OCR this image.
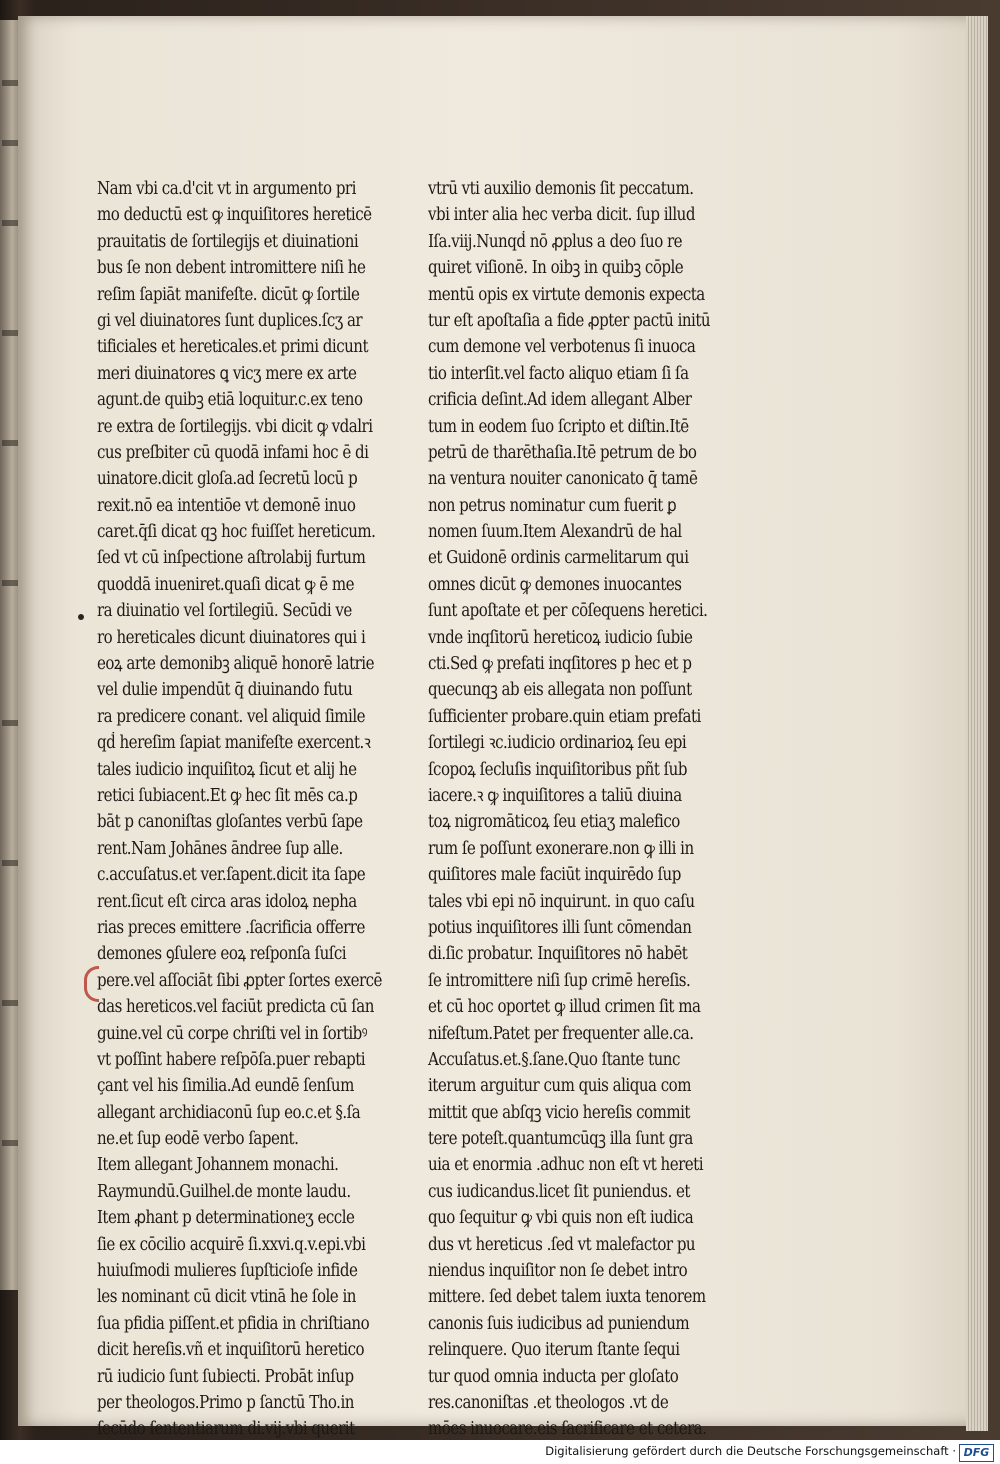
Nam vbi ca.d'cit vt in argumento pri
mo deductū est ꝙ inquiſitores hereticē
prauitatis de ſortilegijs et diuinationi
bus ſe non debent intromittere niſi he
reſim ſapiāt manifeſte. dicūt ꝙ ſortile
gi vel diuinatores ſunt duplices.ſcʒ ar
tificiales et hereticales.et primi dicunt
meri diuinatores ꝗ vicʒ mere ex arte
agunt.de quibꝫ etiā loquitur.c.ex teno
re extra de ſortilegijs. vbi dicit ꝙ vdalri
cus preſbiter cū quodā infami hoc ē di
uinatore.dicit gloſa.ad ſecretū locū p
rexit.nō ea intentiōe vt demonē inuo
caret.q̄ſi dicat qꝫ hoc fuiſſet hereticum.
ſed vt cū inſpectione aſtrolabij furtum
quoddā inueniret.quaſi dicat ꝙ ē me
ra diuinatio vel ſortilegiū. Secūdi ve
ro hereticales dicunt diuinatores qui i
eoꝝ arte demonibꝫ aliquē honorē latrie
vel dulie impendūt q̄ diuinando futu
ra predicere conant. vel aliquid ſimile
qḋ hereſim ſapiat manifeſte exercent.ꝛ
tales iudicio inquiſitoꝝ ſicut et alij he
retici ſubiacent.Et ꝙ hec ſit mēs ca.p
bāt p canoniſtas gloſantes verbū ſape
rent.Nam Johānes āndree ſup alle.
c.accuſatus.et ver.ſapent.dicit ita ſape
rent.ſicut eſt circa aras idoloꝝ nepha
rias preces emittere .ſacrificia offerre
demones ꝯſulere eoꝝ reſponſa ſuſci
pere.vel aſſociāt ſibi ꝓpter ſortes exercē
das hereticos.vel faciūt predicta cū ſan
guine.vel cū corpe chriſti vel in ſortibꝰ
vt poſſint habere reſpōſa.puer rebapti
çant vel his ſimilia.Ad eundē ſenſum
allegant archidiaconū ſup eo.c.et §.ſa
ne.et ſup eodē verbo ſapent.
Item allegant Johannem monachi.
Raymundū.Guilhel.de monte laudu.
Item ꝓhant p determinationeʒ eccle
ſie ex cōcilio acquirē ſi.xxvi.q.v.epi.vbi
huiuſmodi mulieres ſupſticioſe infide
les nominant cū dicit vtinā he ſole in
ſua pfidia piſſent.et pfidia in chriſtiano
dicit hereſis.vñ et inquiſitorū heretico
rū iudicio ſunt ſubiecti. Probāt inſup
per theologos.Primo p ſanctū Tho.in
ſecūdo ſententiarum di.vij.vbi querit
vtrū vti auxilio demonis ſit peccatum.
vbi inter alia hec verba dicit. ſup illud
Iſa.viij.Nunqḋ nō ꝓplus a deo ſuo re
quiret viſionē. In oibꝫ in quibꝫ cōple
mentū opis ex virtute demonis expecta
tur eſt apoſtaſia a fide ꝓpter pactū initū
cum demone vel verbotenus ſi inuoca
tio interſit.vel facto aliquo etiam ſi ſa
crificia deſint.Ad idem allegant Alber
tum in eodem ſuo ſcripto et diſtin.Itē
petrū de tharēthaſia.Itē petrum de bo
na ventura nouiter canonicato q̄ tamē
non petrus nominatur cum fuerit ꝑ
nomen ſuum.Item Alexandrū de hal
et Guidonē ordinis carmelitarum qui
omnes dicūt ꝙ demones inuocantes
ſunt apoſtate et per cōſequens heretici.
vnde inqſitorū hereticoꝝ iudicio ſubie
cti.Sed ꝙ prefati inqſitores p hec et p
quecunqꝫ ab eis allegata non poſſunt
ſufficienter probare.quin etiam prefati
ſortilegi ꝛc.iudicio ordinarioꝝ ſeu epi
ſcopoꝝ ſecluſis inquiſitoribus pñt ſub
iacere.ꝛ ꝙ inquiſitores a taliū diuina
toꝝ nigromāticoꝝ ſeu etiaʒ malefico
rum ſe poſſunt exonerare.non ꝙ illi in
quiſitores male faciūt inquirēdo ſup
tales vbi epi nō inquirunt. in quo caſu
potius inquiſitores illi ſunt cōmendan
di.ſic probatur. Inquiſitores nō habēt
ſe intromittere niſi ſup crimē hereſis.
et cū hoc oportet ꝙ illud crimen ſit ma
nifeſtum.Patet per frequenter alle.ca.
Accuſatus.et.§.ſane.Quo ſtante tunc
iterum arguitur cum quis aliqua com
mittit que abſqꝫ vicio hereſis commit
tere poteſt.quantumcūqꝫ illa ſunt gra
uia et enormia .adhuc non eſt vt hereti
cus iudicandus.licet ſit puniendus. et
quo ſequitur ꝙ vbi quis non eſt iudica
dus vt hereticus .ſed vt malefactor pu
niendus inquiſitor non ſe debet intro
mittere. ſed debet talem iuxta tenorem
canonis ſuis iudicibus ad puniendum
relinquere. Quo iterum ſtante ſequi
tur quod omnia inducta per gloſato
res.canoniſtas .et theologos .vt de
mōes inuocare.eis ſacrificare et cetera.
Digitalisierung gefördert durch die Deutsche Forschungsgemeinschaft · DFG
